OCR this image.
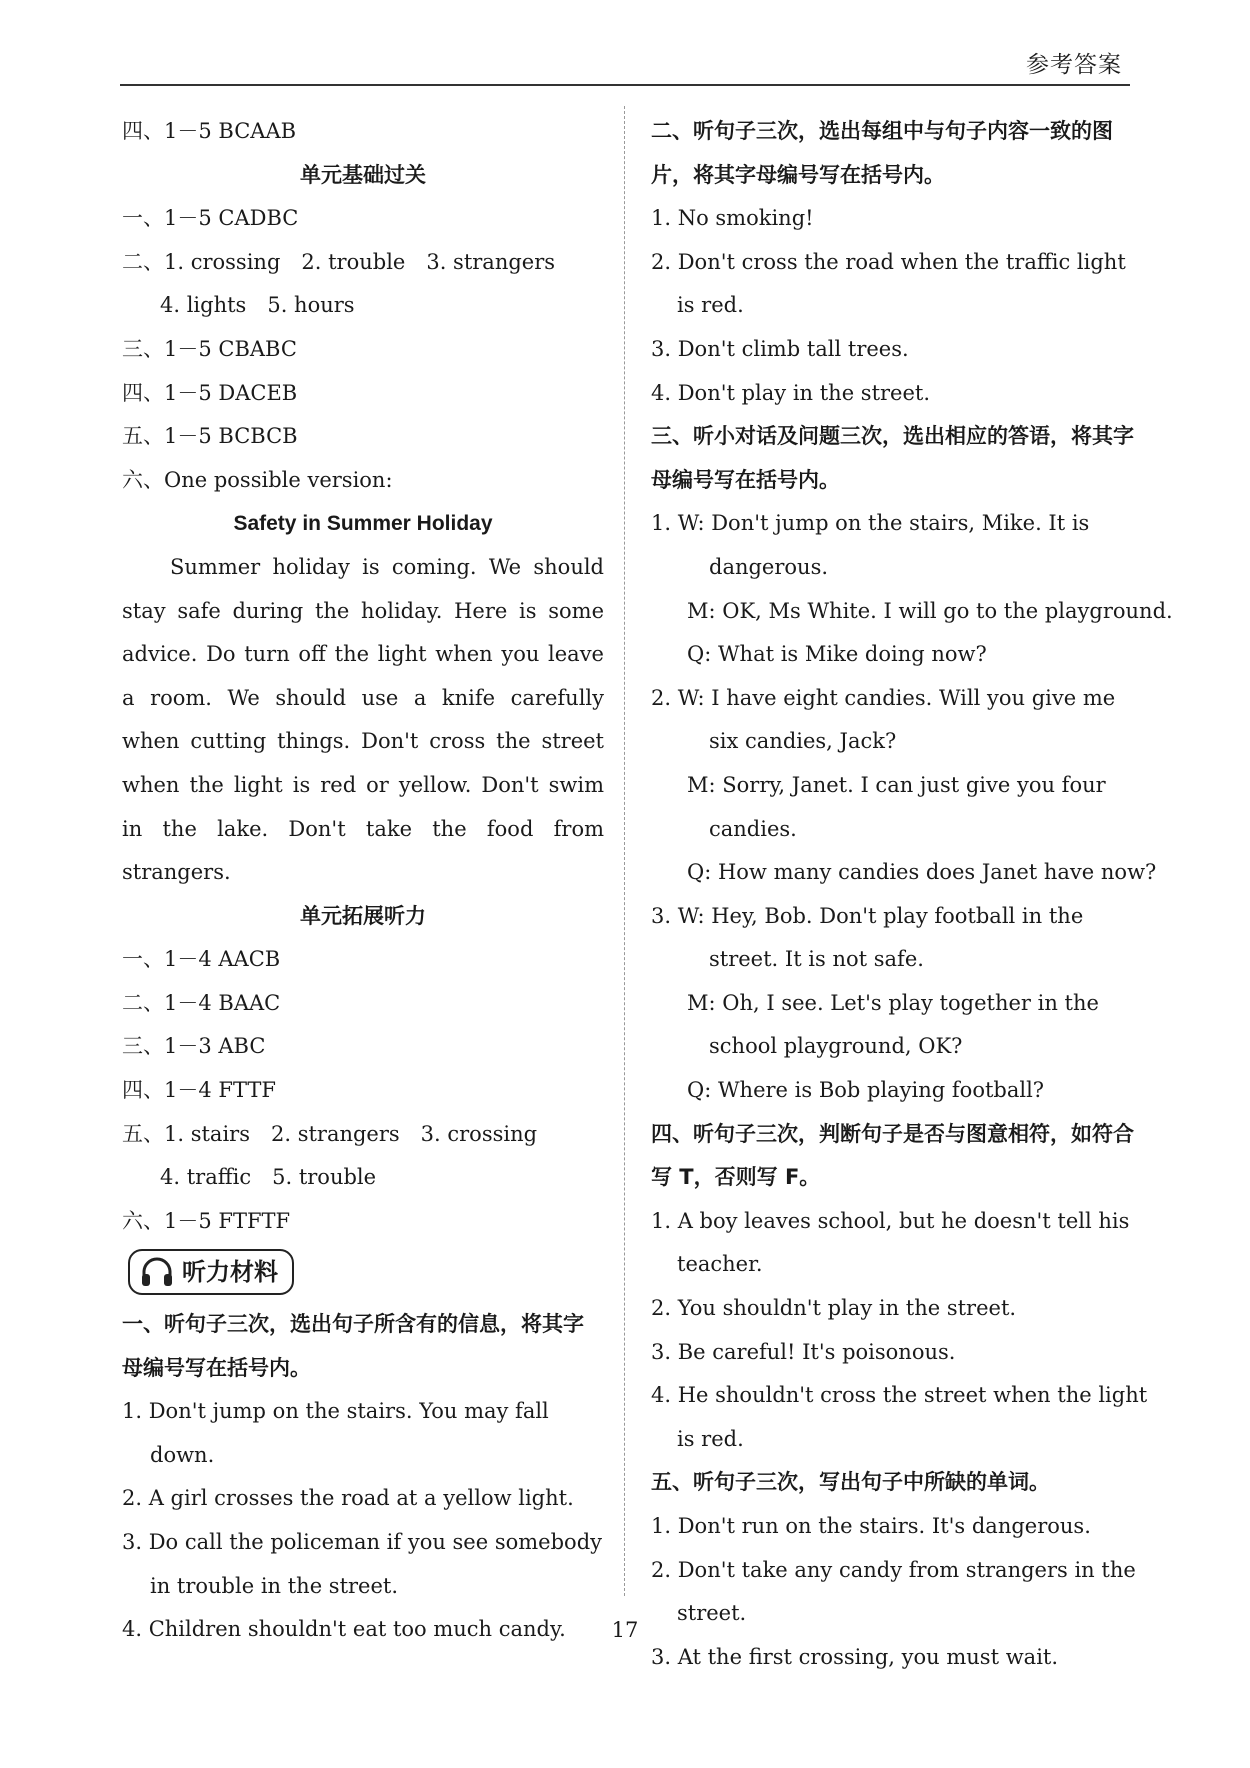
参考答案
四、1－5 BCAAB
单元基础过关
一、1－5 CADBC
二、1. crossing　2. trouble　3. strangers
4. lights　5. hours
三、1－5 CBABC
四、1－5 DACEB
五、1－5 BCBCB
六、One possible version:
Safety in Summer Holiday
Summer holiday is coming. We should stay safe during the holiday. Here is some advice. Do turn off the light when you leave a room. We should use a knife carefully when cutting things. Don't cross the street when the light is red or yellow. Don't swim in the lake. Don't take the food from strangers.
单元拓展听力
一、1－4 AACB
二、1－4 BAAC
三、1－3 ABC
四、1－4 FTTF
五、1. stairs　2. strangers　3. crossing
4. traffic　5. trouble
六、1－5 FTFTF
听力材料
一、听句子三次，选出句子所含有的信息，将其字母编号写在括号内。
1. Don't jump on the stairs. You may fall down.
2. A girl crosses the road at a yellow light.
3. Do call the policeman if you see somebody in trouble in the street.
4. Children shouldn't eat too much candy.
二、听句子三次，选出每组中与句子内容一致的图片，将其字母编号写在括号内。
1. No smoking!
2. Don't cross the road when the traffic light is red.
3. Don't climb tall trees.
4. Don't play in the street.
三、听小对话及问题三次，选出相应的答语，将其字母编号写在括号内。
1. W: Don't jump on the stairs, Mike. It is dangerous.
M: OK, Ms White. I will go to the playground.
Q: What is Mike doing now?
2. W: I have eight candies. Will you give me six candies, Jack?
M: Sorry, Janet. I can just give you four candies.
Q: How many candies does Janet have now?
3. W: Hey, Bob. Don't play football in the street. It is not safe.
M: Oh, I see. Let's play together in the school playground, OK?
Q: Where is Bob playing football?
四、听句子三次，判断句子是否与图意相符，如符合写 T，否则写 F。
1. A boy leaves school, but he doesn't tell his teacher.
2. You shouldn't play in the street.
3. Be careful! It's poisonous.
4. He shouldn't cross the street when the light is red.
五、听句子三次，写出句子中所缺的单词。
1. Don't run on the stairs. It's dangerous.
2. Don't take any candy from strangers in the street.
3. At the first crossing, you must wait.
17
